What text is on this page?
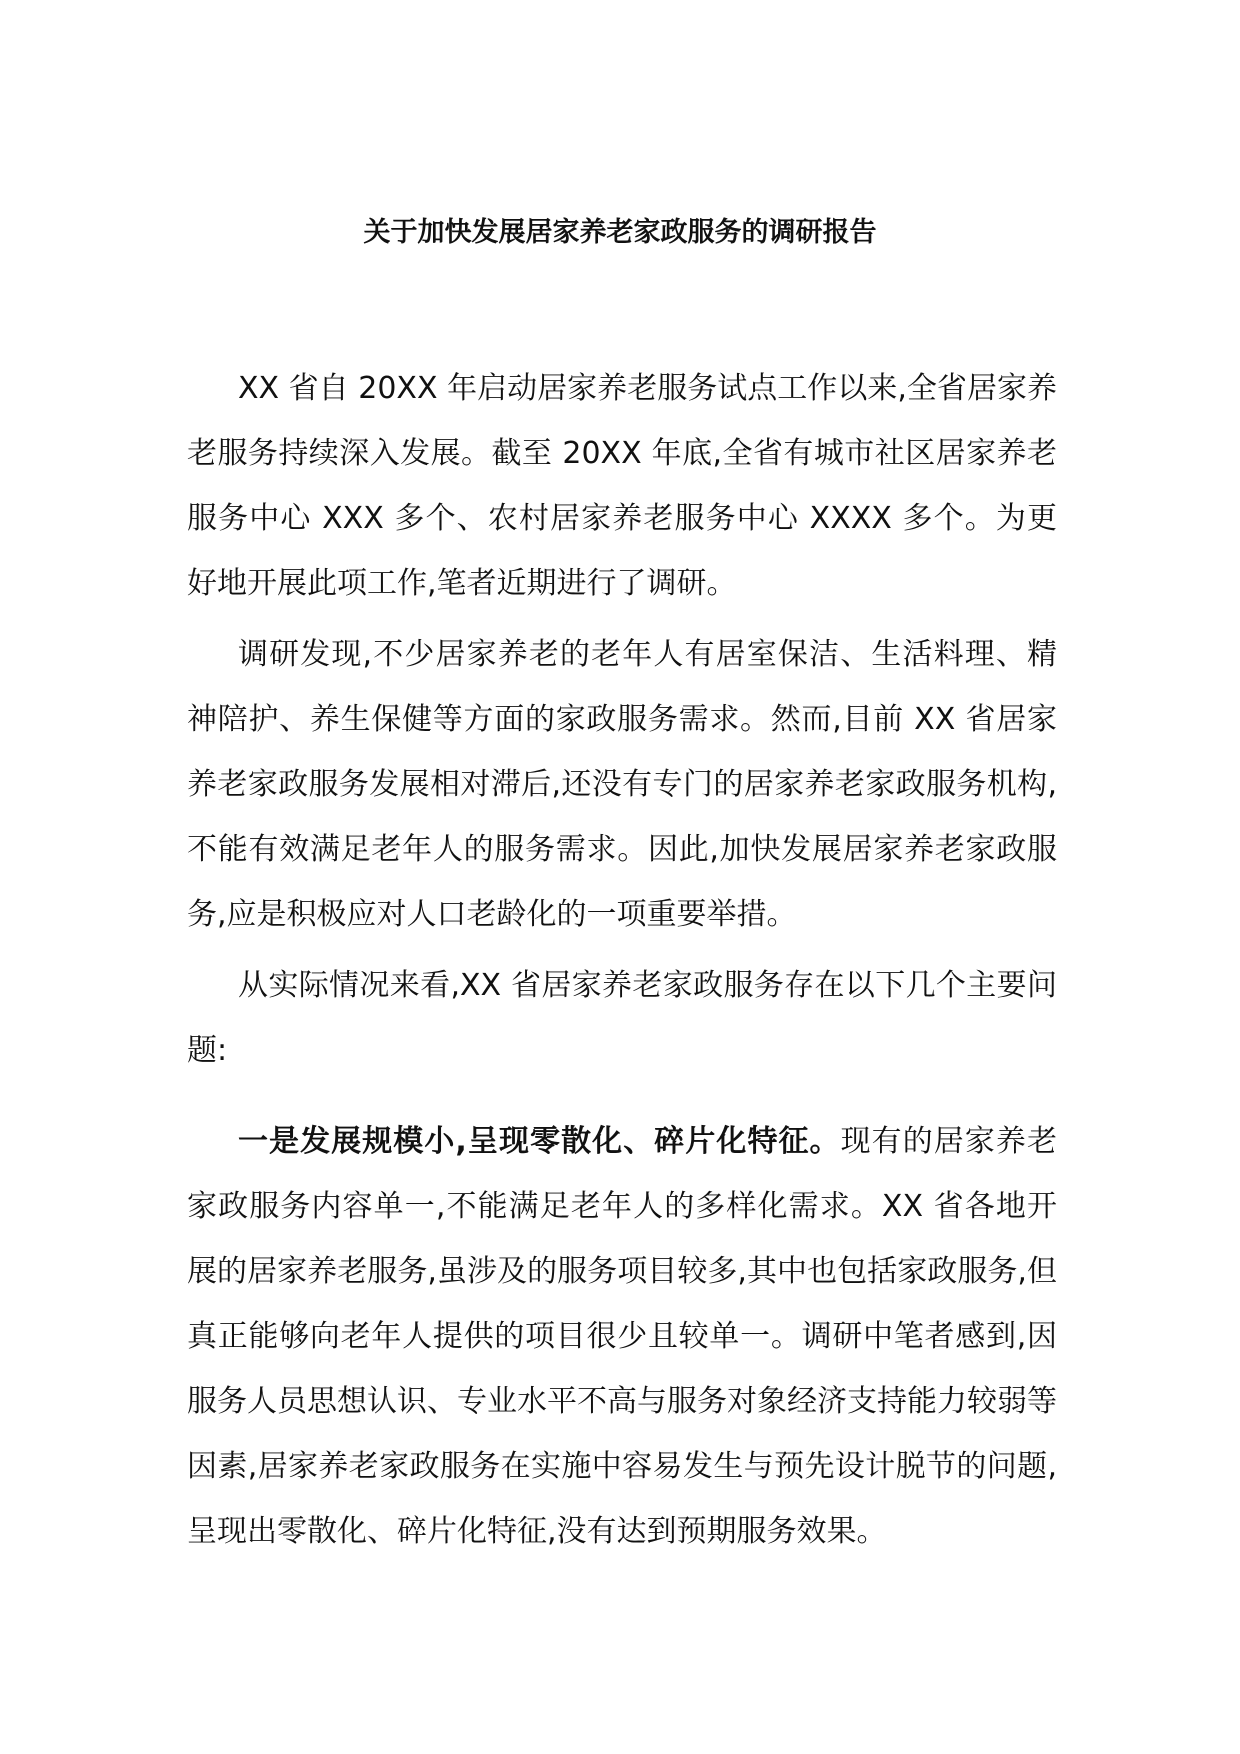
关于加快发展居家养老家政服务的调研报告

XX 省自 20XX 年启动居家养老服务试点工作以来,全省居家养老服务持续深入发展。截至 20XX 年底,全省有城市社区居家养老服务中心 XXX 多个、农村居家养老服务中心 XXXX 多个。为更好地开展此项工作,笔者近期进行了调研。

调研发现,不少居家养老的老年人有居室保洁、生活料理、精神陪护、养生保健等方面的家政服务需求。然而,目前 XX 省居家养老家政服务发展相对滞后,还没有专门的居家养老家政服务机构,不能有效满足老年人的服务需求。因此,加快发展居家养老家政服务,应是积极应对人口老龄化的一项重要举措。

从实际情况来看,XX 省居家养老家政服务存在以下几个主要问题:

一是发展规模小,呈现零散化、碎片化特征。现有的居家养老家政服务内容单一,不能满足老年人的多样化需求。XX 省各地开展的居家养老服务,虽涉及的服务项目较多,其中也包括家政服务,但真正能够向老年人提供的项目很少且较单一。调研中笔者感到,因服务人员思想认识、专业水平不高与服务对象经济支持能力较弱等因素,居家养老家政服务在实施中容易发生与预先设计脱节的问题,呈现出零散化、碎片化特征,没有达到预期服务效果。
